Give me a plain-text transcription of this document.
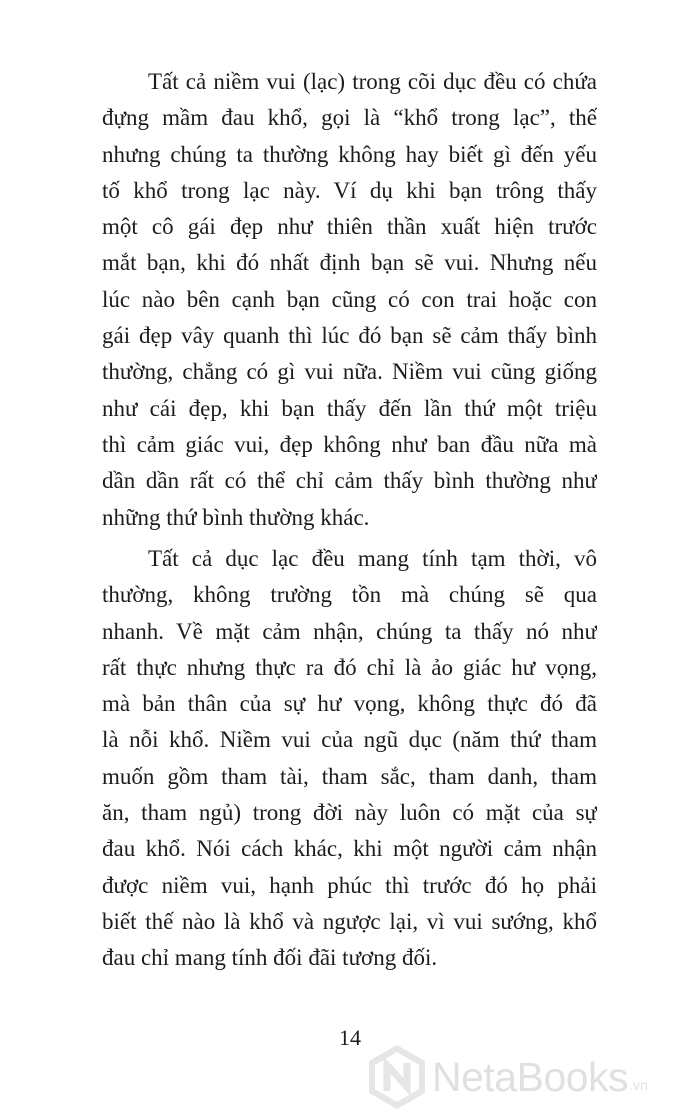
Tất cả niềm vui (lạc) trong cõi dục đều có chứa
đựng mầm đau khổ, gọi là “khổ trong lạc”, thế
nhưng chúng ta thường không hay biết gì đến yếu
tố khổ trong lạc này. Ví dụ khi bạn trông thấy
một cô gái đẹp như thiên thần xuất hiện trước
mắt bạn, khi đó nhất định bạn sẽ vui. Nhưng nếu
lúc nào bên cạnh bạn cũng có con trai hoặc con
gái đẹp vây quanh thì lúc đó bạn sẽ cảm thấy bình
thường, chẳng có gì vui nữa. Niềm vui cũng giống
như cái đẹp, khi bạn thấy đến lần thứ một triệu
thì cảm giác vui, đẹp không như ban đầu nữa mà
dần dần rất có thể chỉ cảm thấy bình thường như
những thứ bình thường khác.
Tất cả dục lạc đều mang tính tạm thời, vô
thường, không trường tồn mà chúng sẽ qua
nhanh. Về mặt cảm nhận, chúng ta thấy nó như
rất thực nhưng thực ra đó chỉ là ảo giác hư vọng,
mà bản thân của sự hư vọng, không thực đó đã
là nỗi khổ. Niềm vui của ngũ dục (năm thứ tham
muốn gồm tham tài, tham sắc, tham danh, tham
ăn, tham ngủ) trong đời này luôn có mặt của sự
đau khổ. Nói cách khác, khi một người cảm nhận
được niềm vui, hạnh phúc thì trước đó họ phải
biết thế nào là khổ và ngược lại, vì vui sướng, khổ
đau chỉ mang tính đối đãi tương đối.
14
NetaBooks .vn
